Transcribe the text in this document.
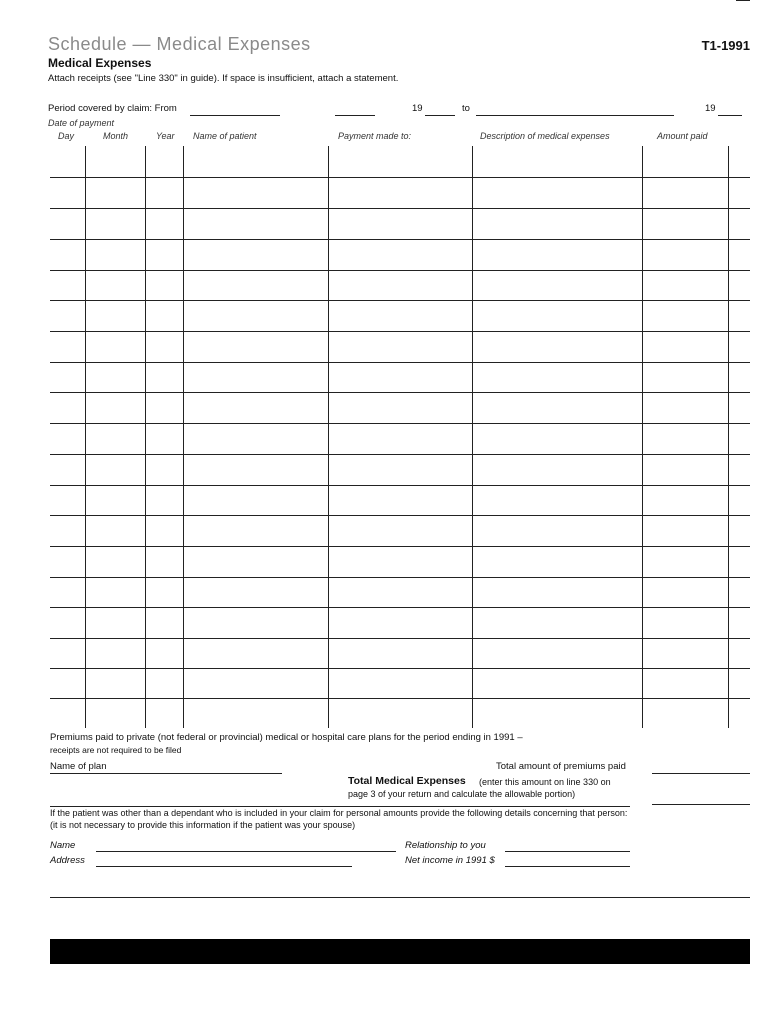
Schedule — Medical Expenses	T1-1991
Medical Expenses
Attach receipts (see "Line 330" in guide). If space is insufficient, attach a statement.
Period covered by claim: From	19	to	19
Date of payment
Day	Month	Year Name of patient	Payment made to:	Description of medical expenses	Amount paid
Premiums paid to private (not federal or provincial) medical or hospital care plans for the period ending in 1991 –
receipts are not required to be filed
Name of plan	Total amount of premiums paid
Total Medical Expenses (enter this amount on line 330 on
page 3 of your return and calculate the allowable portion)
If the patient was other than a dependant who is included in your claim for personal amounts provide the following details concerning that person:
(it is not necessary to provide this information if the patient was your spouse)
Name	Relationship to you
Address	Net income in 1991 $
